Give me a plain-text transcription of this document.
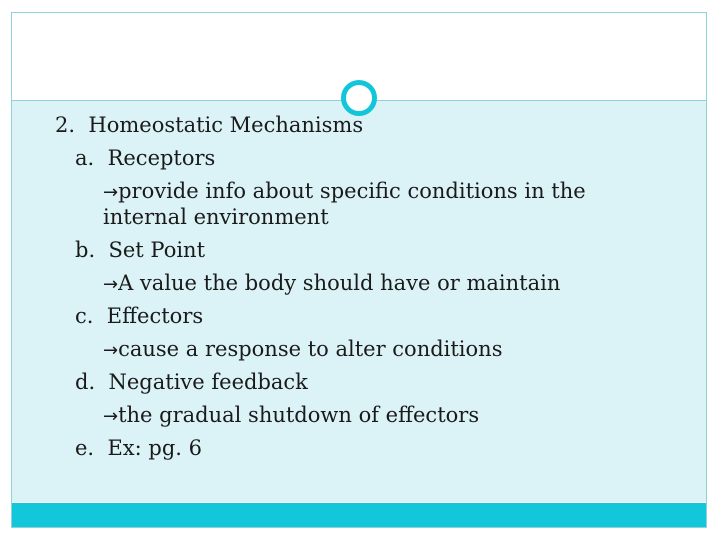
2. Homeostatic Mechanisms
a. Receptors
→provide info about specific conditions in the
internal environment
b. Set Point
→A value the body should have or maintain
c. Effectors
→cause a response to alter conditions
d. Negative feedback
→the gradual shutdown of effectors
e. Ex: pg. 6
